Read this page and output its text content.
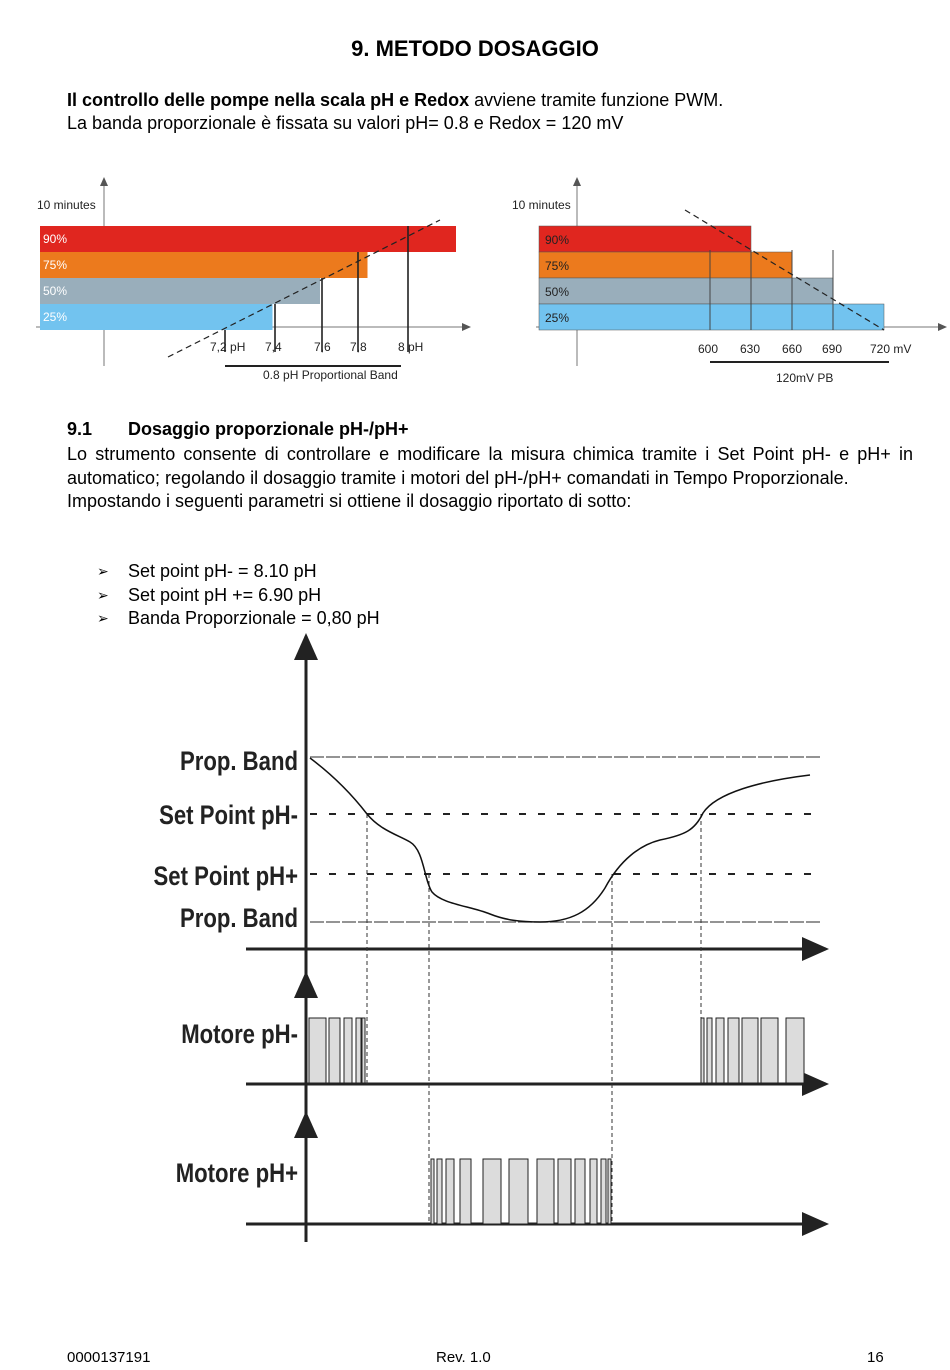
9. METODO DOSAGGIO
Il controllo delle pompe nella scala pH e Redox avviene tramite funzione PWM.
La banda proporzionale è fissata su valori pH= 0.8 e Redox = 120 mV
10 minutes
90%
75%
50%
25%
7,2 pH 7,4	7,6 7,8	8 pH
0.8 pH Proportional Band
10 minutes
90%
75%
50%
25%
600 630 660 690 720 mV
120mV PB
9.1 Dosaggio proporzionale pH-/pH+

Lo strumento consente di controllare e modificare la misura chimica tramite i Set Point pH- e pH+ in automatico; regolando il dosaggio tramite i motori del pH-/pH+ comandati in Tempo Proporzionale.

Impostando i seguenti parametri si ottiene il dosaggio riportato di sotto:

➢	Set point pH- = 8.10 pH
➢	Set point pH += 6.90 pH
➢	Banda Proporzionale = 0,80 pH
Prop. Band
Set Point pH-
Set Point pH+
Prop. Band
Motore pH-
Motore pH+
0000137191	Rev. 1.0	16
